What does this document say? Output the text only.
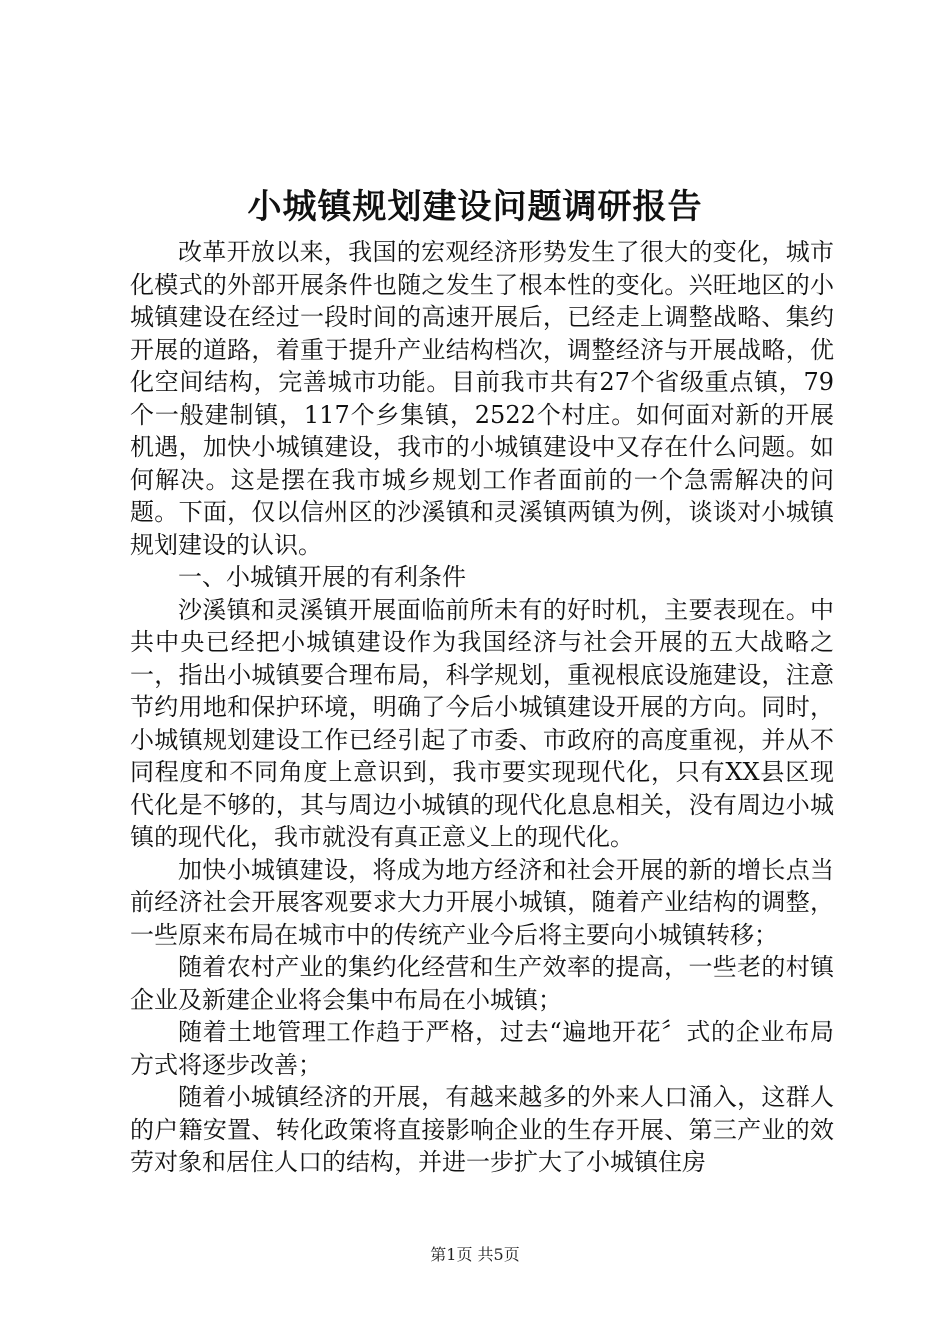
小城镇规划建设问题调研报告

改革开放以来，我国的宏观经济形势发生了很大的变化，城市化模式的外部开展条件也随之发生了根本性的变化。兴旺地区的小城镇建设在经过一段时间的高速开展后，已经走上调整战略、集约开展的道路，着重于提升产业结构档次，调整经济与开展战略，优化空间结构，完善城市功能。目前我市共有27个省级重点镇，79个一般建制镇，117个乡集镇，2522个村庄。如何面对新的开展机遇，加快小城镇建设，我市的小城镇建设中又存在什么问题。如何解决。这是摆在我市城乡规划工作者面前的一个急需解决的问题。下面，仅以信州区的沙溪镇和灵溪镇两镇为例，谈谈对小城镇规划建设的认识。

一、小城镇开展的有利条件

沙溪镇和灵溪镇开展面临前所未有的好时机，主要表现在。中共中央已经把小城镇建设作为我国经济与社会开展的五大战略之一，指出小城镇要合理布局，科学规划，重视根底设施建设，注意节约用地和保护环境，明确了今后小城镇建设开展的方向。同时，小城镇规划建设工作已经引起了市委、市政府的高度重视，并从不同程度和不同角度上意识到，我市要实现现代化，只有XX县区现代化是不够的，其与周边小城镇的现代化息息相关，没有周边小城镇的现代化，我市就没有真正意义上的现代化。

加快小城镇建设，将成为地方经济和社会开展的新的增长点当前经济社会开展客观要求大力开展小城镇，随着产业结构的调整，一些原来布局在城市中的传统产业今后将主要向小城镇转移；

随着农村产业的集约化经营和生产效率的提高，一些老的村镇企业及新建企业将会集中布局在小城镇；

随着土地管理工作趋于严格，过去“遍地开花〞式的企业布局方式将逐步改善；

随着小城镇经济的开展，有越来越多的外来人口涌入，这群人的户籍安置、转化政策将直接影响企业的生存开展、第三产业的效劳对象和居住人口的结构，并进一步扩大了小城镇住房

第1页 共5页
